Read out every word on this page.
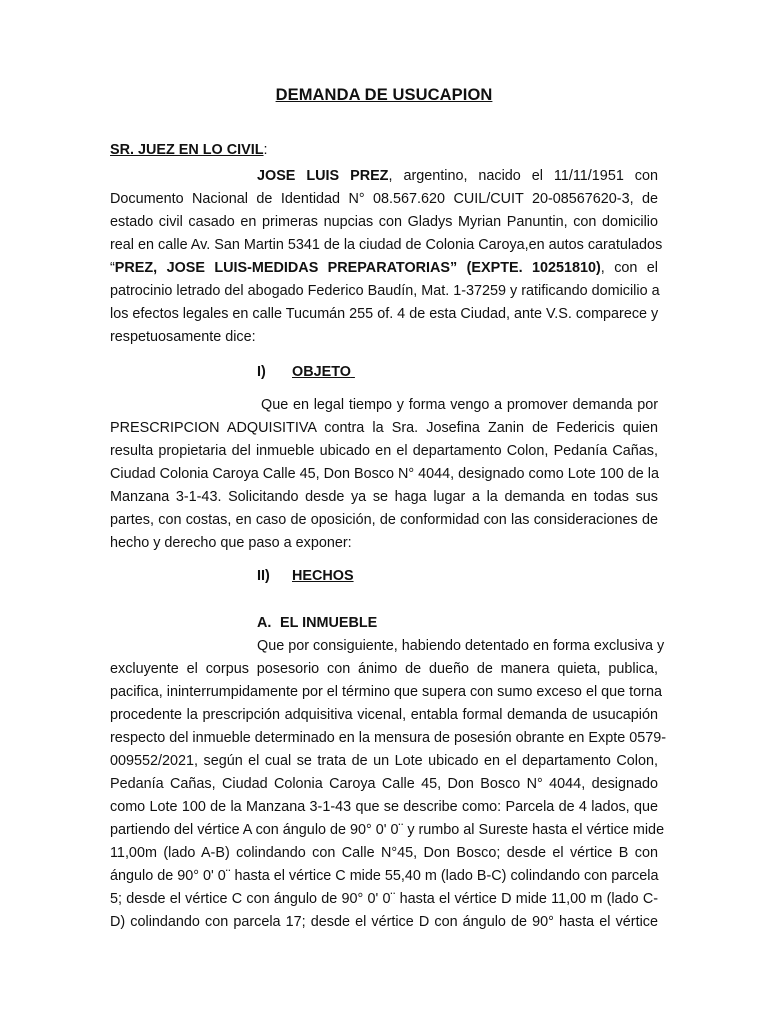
DEMANDA DE USUCAPION
SR. JUEZ EN LO CIVIL:
JOSE LUIS PREZ, argentino, nacido el 11/11/1951 con
Documento Nacional de Identidad N° 08.567.620 CUIL/CUIT 20-08567620-3, de
estado civil casado en primeras nupcias con Gladys Myrian Panuntin, con domicilio
real en calle Av. San Martin 5341 de la ciudad de Colonia Caroya,en autos caratulados
“PREZ, JOSE LUIS-MEDIDAS PREPARATORIAS” (EXPTE. 10251810), con el
patrocinio letrado del abogado Federico Baudín, Mat. 1-37259 y ratificando domicilio a
los efectos legales en calle Tucumán 255 of. 4 de esta Ciudad, ante V.S. comparece y
respetuosamente dice:
I)	OBJETO
Que en legal tiempo y forma vengo a promover demanda por
PRESCRIPCION ADQUISITIVA contra la Sra. Josefina Zanin de Federicis quien
resulta propietaria del inmueble ubicado en el departamento Colon, Pedanía Cañas,
Ciudad Colonia Caroya Calle 45, Don Bosco N° 4044, designado como Lote 100 de la
Manzana 3-1-43. Solicitando desde ya se haga lugar a la demanda en todas sus
partes, con costas, en caso de oposición, de conformidad con las consideraciones de
hecho y derecho que paso a exponer:
II)	HECHOS
A. EL INMUEBLE
Que por consiguiente, habiendo detentado en forma exclusiva y
excluyente el corpus posesorio con ánimo de dueño de manera quieta, publica,
pacifica, ininterrumpidamente por el término que supera con sumo exceso el que torna
procedente la prescripción adquisitiva vicenal, entabla formal demanda de usucapión
respecto del inmueble determinado en la mensura de posesión obrante en Expte 0579-
009552/2021, según el cual se trata de un Lote ubicado en el departamento Colon,
Pedanía Cañas, Ciudad Colonia Caroya Calle 45, Don Bosco N° 4044, designado
como Lote 100 de la Manzana 3-1-43 que se describe como: Parcela de 4 lados, que
partiendo del vértice A con ángulo de 90° 0' 0¨ y rumbo al Sureste hasta el vértice mide
11,00m (lado A-B) colindando con Calle N°45, Don Bosco; desde el vértice B con
ángulo de 90° 0' 0¨ hasta el vértice C mide 55,40 m (lado B-C) colindando con parcela
5; desde el vértice C con ángulo de 90° 0' 0¨ hasta el vértice D mide 11,00 m (lado C-
D) colindando con parcela 17; desde el vértice D con ángulo de 90° hasta el vértice
